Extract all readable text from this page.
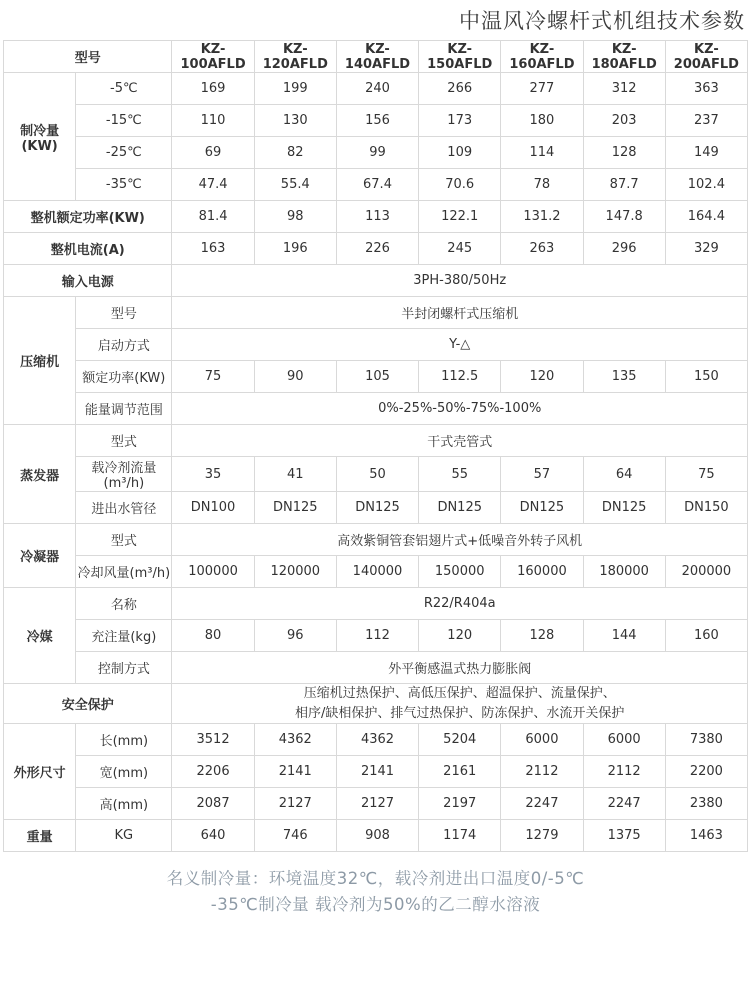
中温风冷螺杆式机组技术参数
型号		KZ-100AFLD	KZ-120AFLD	KZ-140AFLD	KZ-150AFLD	KZ-160AFLD	KZ-180AFLD	KZ-200AFLD
制冷量(KW)	-5℃	169	199	240	266	277	312	363
	-15℃	110	130	156	173	180	203	237
	-25℃	69	82	99	109	114	128	149
	-35℃	47.4	55.4	67.4	70.6	78	87.7	102.4
整机额定功率(KW)		81.4	98	113	122.1	131.2	147.8	164.4
整机电流(A)		163	196	226	245	263	296	329
输入电源		3PH-380/50Hz						
压缩机	型号	半封闭螺杆式压缩机						
	启动方式	Y-△						
	额定功率(KW)	75	90	105	112.5	120	135	150
	能量调节范围	0%-25%-50%-75%-100%						
蒸发器	型式	干式壳管式						
	载冷剂流量(m³/h)	35	41	50	55	57	64	75
	进出水管径	DN100	DN125	DN125	DN125	DN125	DN125	DN150
冷凝器	型式	高效紫铜管套铝翅片式+低噪音外转子风机						
	冷却风量(m³/h)	100000	120000	140000	150000	160000	180000	200000
冷媒	名称	R22/R404a						
	充注量(kg)	80	96	112	120	128	144	160
	控制方式	外平衡感温式热力膨胀阀						
安全保护		压缩机过热保护、高低压保护、超温保护、流量保护、
相序/缺相保护、排气过热保护、防冻保护、水流开关保护						

外形尺寸	长(mm)	3512	4362	4362	5204	6000	6000	7380
	宽(mm)	2206	2141	2141	2161	2112	2112	2200
	高(mm)	2087	2127	2127	2197	2247	2247	2380
重量	KG	640	746	908	1174	1279	1375	1463
名义制冷量：环境温度32℃，载冷剂进出口温度0/-5℃
-35℃制冷量 载冷剂为50%的乙二醇水溶液
